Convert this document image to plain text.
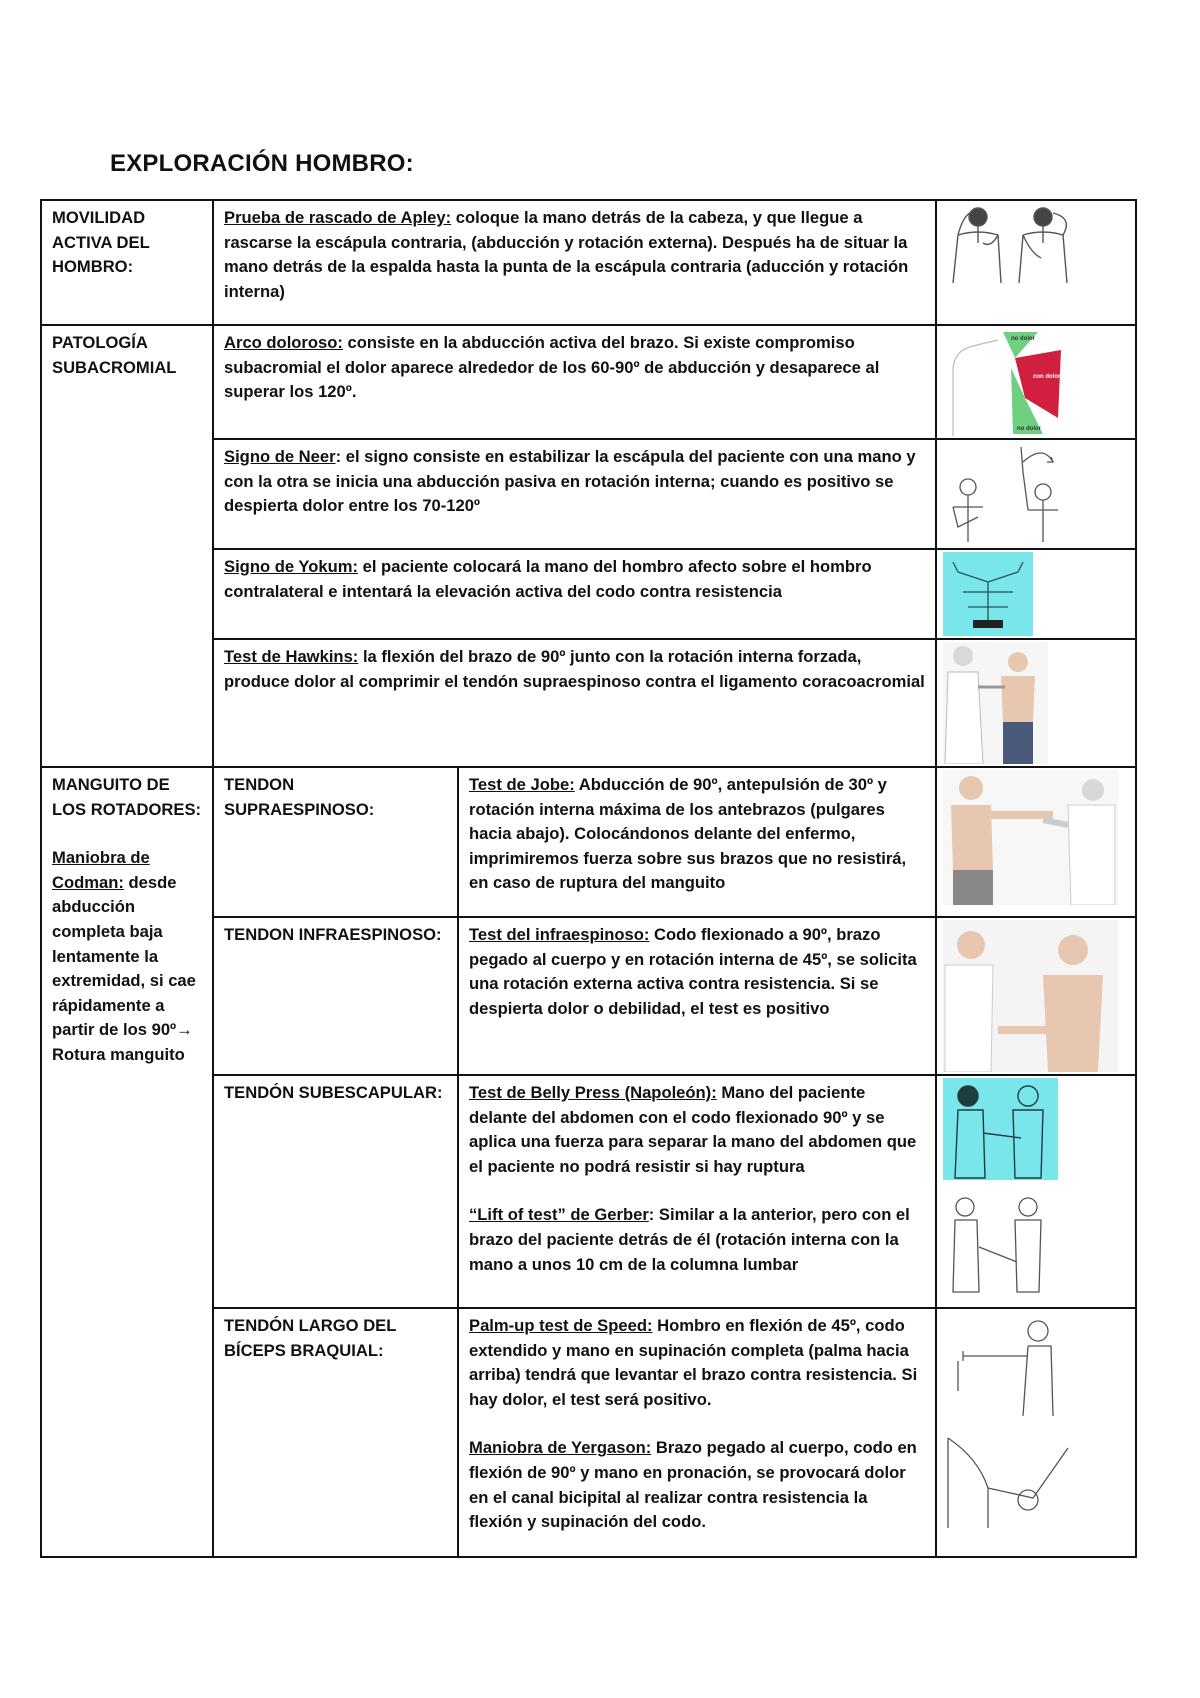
EXPLORACIÓN HOMBRO:
MOVILIDAD ACTIVA DEL HOMBRO:	Prueba de rascado de Apley: coloque la mano detrás de la cabeza, y que llegue a rascarse la escápula contraria, (abducción y rotación externa). Después ha de situar la mano detrás de la espalda hasta la punta de la escápula contraria (aducción y rotación interna)	

PATOLOGÍA SUBACROMIAL	Arco doloroso: consiste en la abducción activa del brazo. Si existe compromiso subacromial el dolor aparece alrededor de los 60-90º de abducción y desaparece al superar los 120º.		no dolor
con dolor
no dolor

	Signo de Neer: el signo consiste en estabilizar la escápula del paciente con una mano y con la otra se inicia una abducción pasiva en rotación interna; cuando es positivo se despierta dolor entre los 70-120º	

	Signo de Yokum: el paciente colocará la mano del hombro afecto sobre el hombro contralateral e intentará la elevación activa del codo contra resistencia	

	Test de Hawkins: la flexión del brazo de 90º junto con la rotación interna forzada, produce dolor al comprimir el tendón supraespinoso contra el ligamento coracoacromial	

MANGUITO DE LOS ROTADORES:
Maniobra de Codman: desde abducción completa baja lentamente la extremidad, si cae rápidamente a partir de los 90º→ Rotura manguito	TENDON SUPRAESPINOSO:	Test de Jobe: Abducción de 90º, antepulsión de 30º y rotación interna máxima de los antebrazos (pulgares hacia abajo). Colocándonos delante del enfermo, imprimiremos fuerza sobre sus brazos que no resistirá, en caso de ruptura del manguito	

	TENDON INFRAESPINOSO:	Test del infraespinoso: Codo flexionado a 90º, brazo pegado al cuerpo y en rotación interna de 45º, se solicita una rotación externa activa contra resistencia. Si se despierta dolor o debilidad, el test es positivo	

	TENDÓN SUBESCAPULAR:	Test de Belly Press (Napoleón): Mano del paciente delante del abdomen con el codo flexionado 90º y se aplica una fuerza para separar la mano del abdomen que el paciente no podrá resistir si hay ruptura
“Lift of test” de Gerber: Similar a la anterior, pero con el brazo del paciente detrás de él (rotación interna con la mano a unos 10 cm de la columna lumbar	

	TENDÓN LARGO DEL BÍCEPS BRAQUIAL:	Palm-up test de Speed: Hombro en flexión de 45º, codo extendido y mano en supinación completa (palma hacia arriba) tendrá que levantar el brazo contra resistencia. Si hay dolor, el test será positivo.
Maniobra de Yergason: Brazo pegado al cuerpo, codo en flexión de 90º y mano en pronación, se provocará dolor en el canal bicipital al realizar contra resistencia la flexión y supinación del codo.	
